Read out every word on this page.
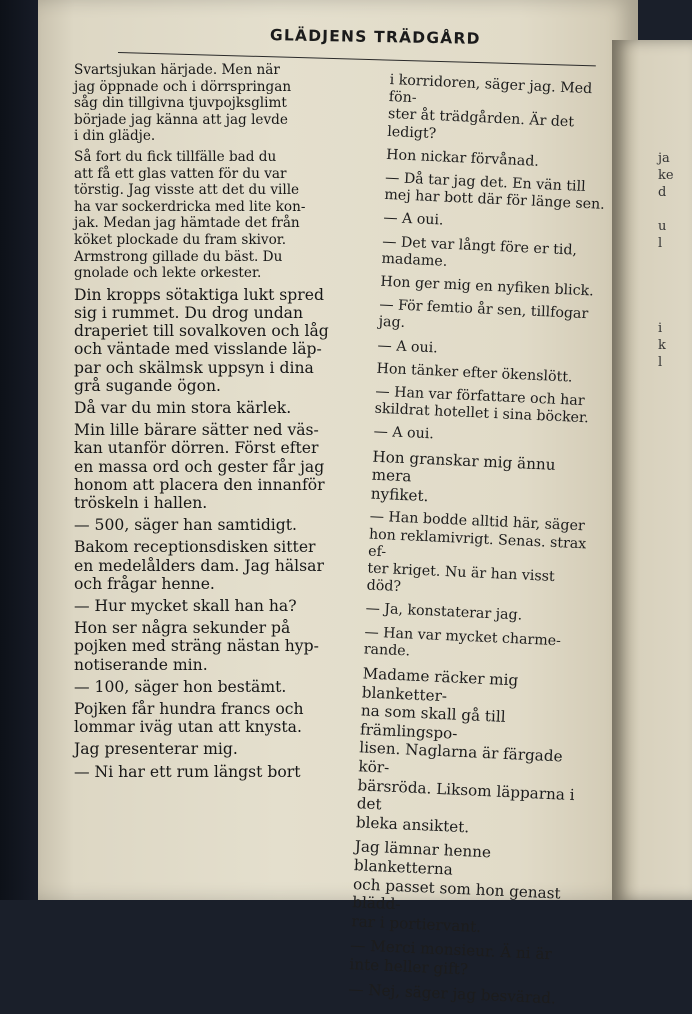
GLÄDJENS TRÄDGÅRD

Svartsjukan härjade. Men när
jag öppnade och i dörrspringan
såg din tillgivna tjuvpojksglimt
började jag känna att jag levde
i din glädje.

Så fort du fick tillfälle bad du
att få ett glas vatten för du var
törstig. Jag visste att det du ville
ha var sockerdricka med lite kon-
jak. Medan jag hämtade det från
köket plockade du fram skivor.
Armstrong gillade du bäst. Du
gnolade och lekte orkester.

Din kropps sötaktiga lukt spred
sig i rummet. Du drog undan
draperiet till sovalkoven och låg
och väntade med visslande läp-
par och skälmsk uppsyn i dina
grå sugande ögon.

Då var du min stora kärlek.

Min lille bärare sätter ned väs-
kan utanför dörren. Först efter
en massa ord och gester får jag
honom att placera den innanför
tröskeln i hallen.

— 500, säger han samtidigt.

Bakom receptionsdisken sitter
en medelålders dam. Jag hälsar
och frågar henne.

— Hur mycket skall han ha?

Hon ser några sekunder på
pojken med sträng nästan hyp-
notiserande min.

— 100, säger hon bestämt.

Pojken får hundra francs och
lommar iväg utan att knysta.

Jag presenterar mig.

— Ni har ett rum längst bort

i korridoren, säger jag. Med fön-
ster åt trädgården. Är det ledigt?

Hon nickar förvånad.

— Då tar jag det. En vän till
mej har bott där för länge sen.

— A oui.

— Det var långt före er tid,
madame.

Hon ger mig en nyfiken blick.

— För femtio år sen, tillfogar
jag.

— A oui.

Hon tänker efter ökenslött.

— Han var författare och har
skildrat hotellet i sina böcker.

— A oui.

Hon granskar mig ännu mera
nyfiket.

— Han bodde alltid här, säger
hon reklamivrigt. Senas. strax ef-
ter kriget. Nu är han visst död?

— Ja, konstaterar jag.

— Han var mycket charme-
rande.

Madame räcker mig blanketter-
na som skall gå till främlingspo-
lisen. Naglarna är färgade kör-
bärsröda. Liksom läpparna i det
bleka ansiktet.

Jag lämnar henne blanketterna
och passet som hon genast blädd-
rar i portiervant.

— Merci monsieur. Ä ni är
inte heller gift?

— Nej, säger jag besvärad.

ja
ke
d

u
l

i
k
l
